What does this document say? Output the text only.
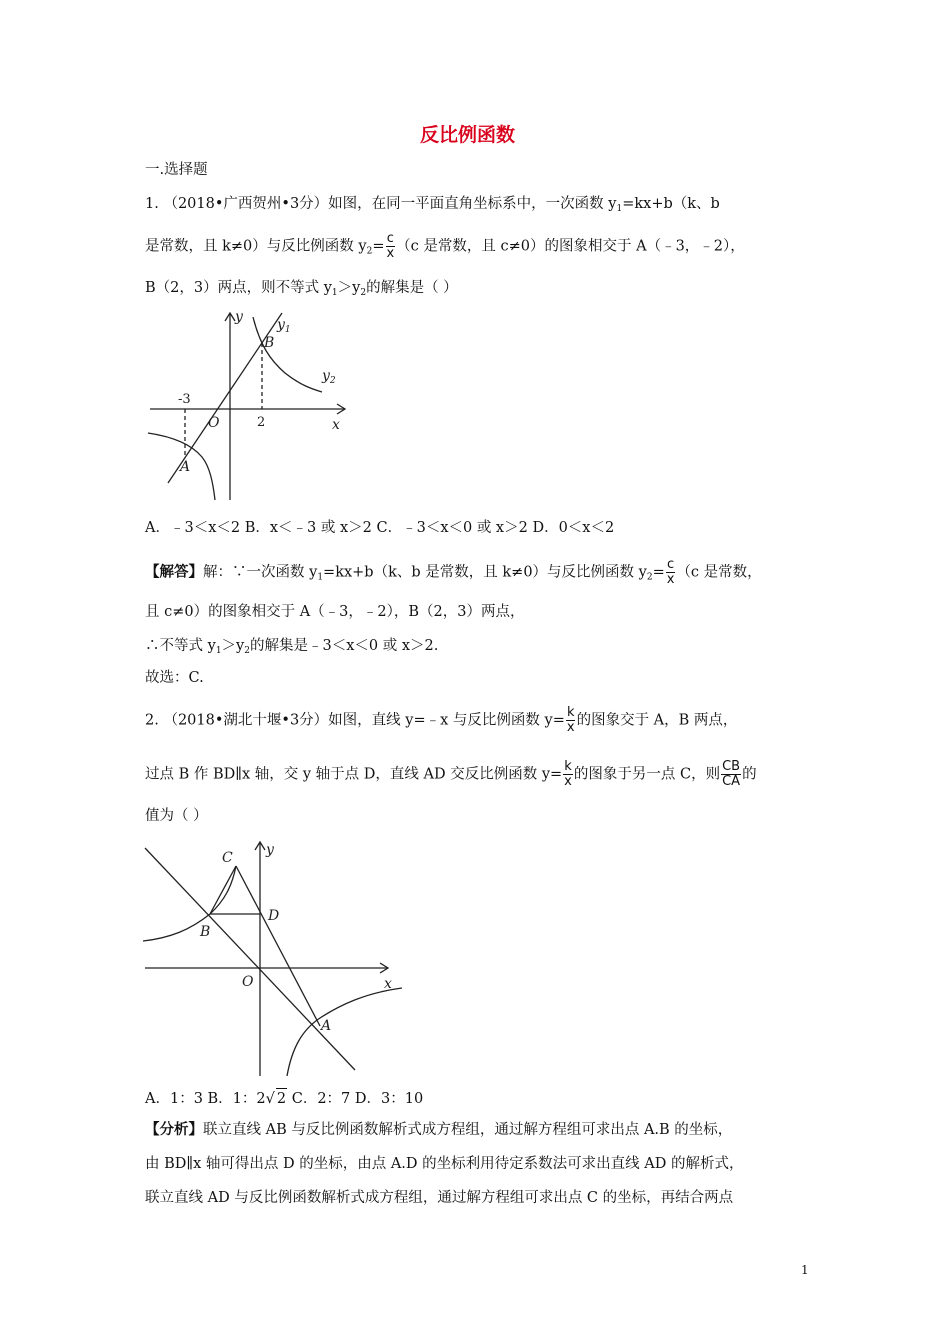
反比例函数
一.选择题
1. （2018•广西贺州•3分）如图，在同一平面直角坐标系中，一次函数 $y_1=kx+b(k$、b
是常数，且 k≠0）与反比例函数 $y_2= \frac{c}{x} (c$ 是常数，且 c≠0）的图象相交于 A（﹣3，﹣2），
B（2，3）两点，则不等式 $y_1>y_2$的解集是（ ）
y $y_1$
$y_2$
B
A
O	x
-3
2
A．﹣3＜x＜2 B．x＜﹣3 或 x＞2 C．﹣3＜x＜0 或 x＞2 D．0＜x＜2
【解答】解：∵一次函数 $y_1=kx+b(k$、b 是常数，且 k≠0）与反比例函数 $y_2= \frac{c}{x} (c$ 是常数，
且 c≠0）的图象相交于 A（﹣3，﹣2），B（2，3）两点，
∴不等式 $y_1>y_2$的解集是﹣3＜x＜0 或 x＞2.
故选：C.
2. （2018•湖北十堰•3分）如图，直线 y=﹣x 与反比例函数 $y= \frac{k}{x}$ 的图象交于 A，B 两点，
过点 B 作 BD∥x 轴，交 y 轴于点 D，直线 AD 交反比例函数 $y= \frac{k}{x}$ 的图象于另一点 C，则 $\frac{CB}{CA}$ 的
值为（ ）
y
C
B
D
O	x
A
A．1：3 B．1：2√ 2 C．2：7 D．3：10
【分析】联立直线 AB 与反比例函数解析式成方程组，通过解方程组可求出点 A.B 的坐标，
由 BD∥x 轴可得出点 D 的坐标，由点 A.D 的坐标利用待定系数法可求出直线 AD 的解析式，
联立直线 AD 与反比例函数解析式成方程组，通过解方程组可求出点 C 的坐标，再结合两点
1
